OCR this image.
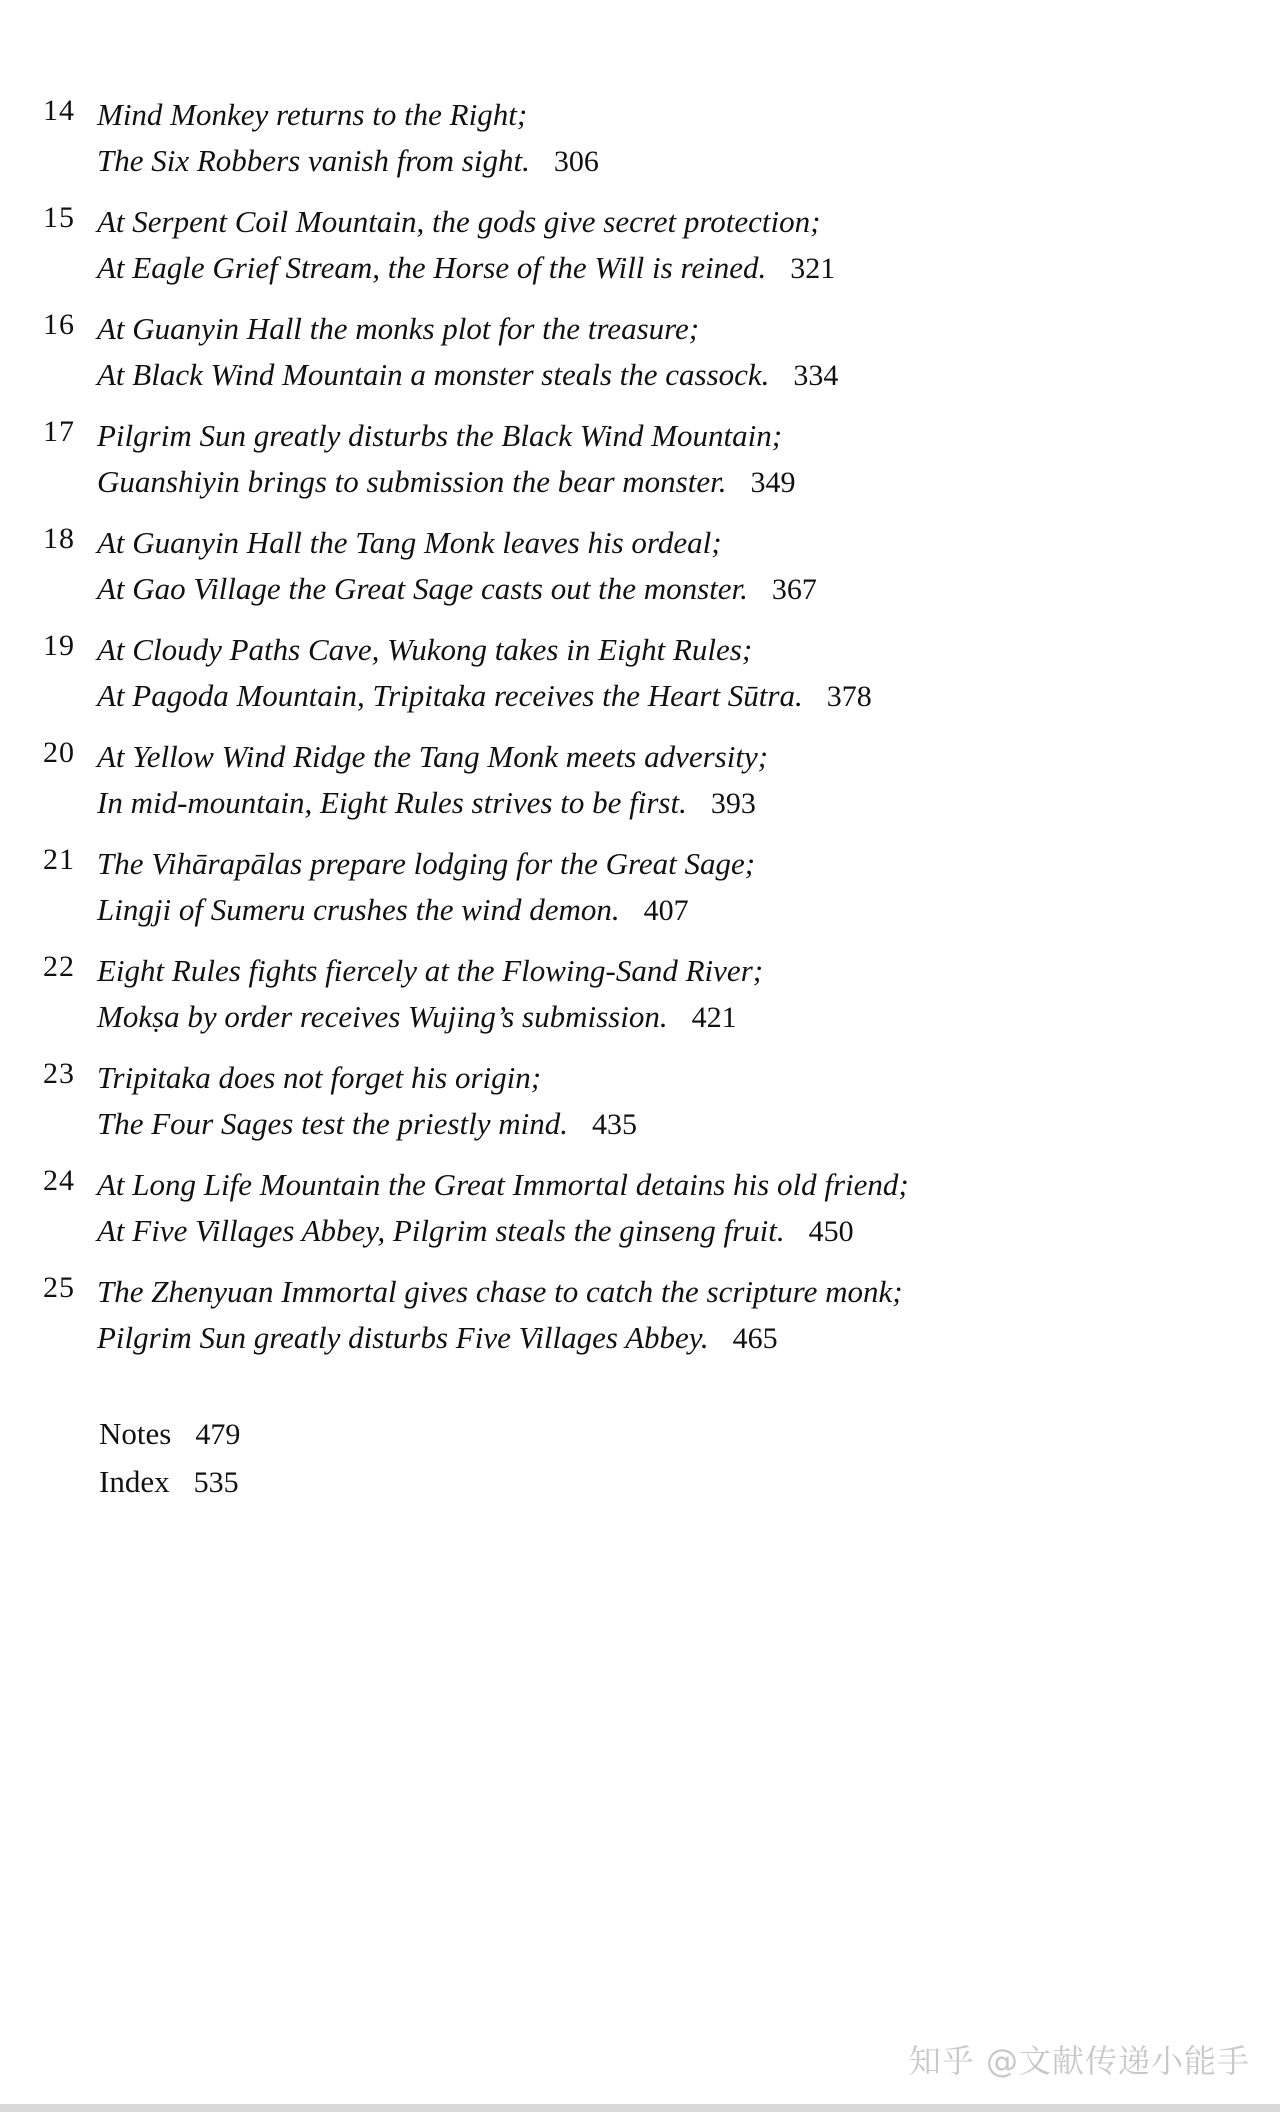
14 Mind Monkey returns to the Right;
The Six Robbers vanish from sight. 306
15 At Serpent Coil Mountain, the gods give secret protection;
At Eagle Grief Stream, the Horse of the Will is reined. 321
16 At Guanyin Hall the monks plot for the treasure;
At Black Wind Mountain a monster steals the cassock. 334
17 Pilgrim Sun greatly disturbs the Black Wind Mountain;
Guanshiyin brings to submission the bear monster. 349
18 At Guanyin Hall the Tang Monk leaves his ordeal;
At Gao Village the Great Sage casts out the monster. 367
19 At Cloudy Paths Cave, Wukong takes in Eight Rules;
At Pagoda Mountain, Tripitaka receives the Heart Sūtra. 378
20 At Yellow Wind Ridge the Tang Monk meets adversity;
In mid-mountain, Eight Rules strives to be first. 393
21 The Vihārapālas prepare lodging for the Great Sage;
Lingji of Sumeru crushes the wind demon. 407
22 Eight Rules fights fiercely at the Flowing-Sand River;
Mokṣa by order receives Wujing’s submission. 421
23 Tripitaka does not forget his origin;
The Four Sages test the priestly mind. 435
24 At Long Life Mountain the Great Immortal detains his old friend;
At Five Villages Abbey, Pilgrim steals the ginseng fruit. 450
25 The Zhenyuan Immortal gives chase to catch the scripture monk;
Pilgrim Sun greatly disturbs Five Villages Abbey. 465
Notes 479
Index 535
知乎 @文献传递小能手
